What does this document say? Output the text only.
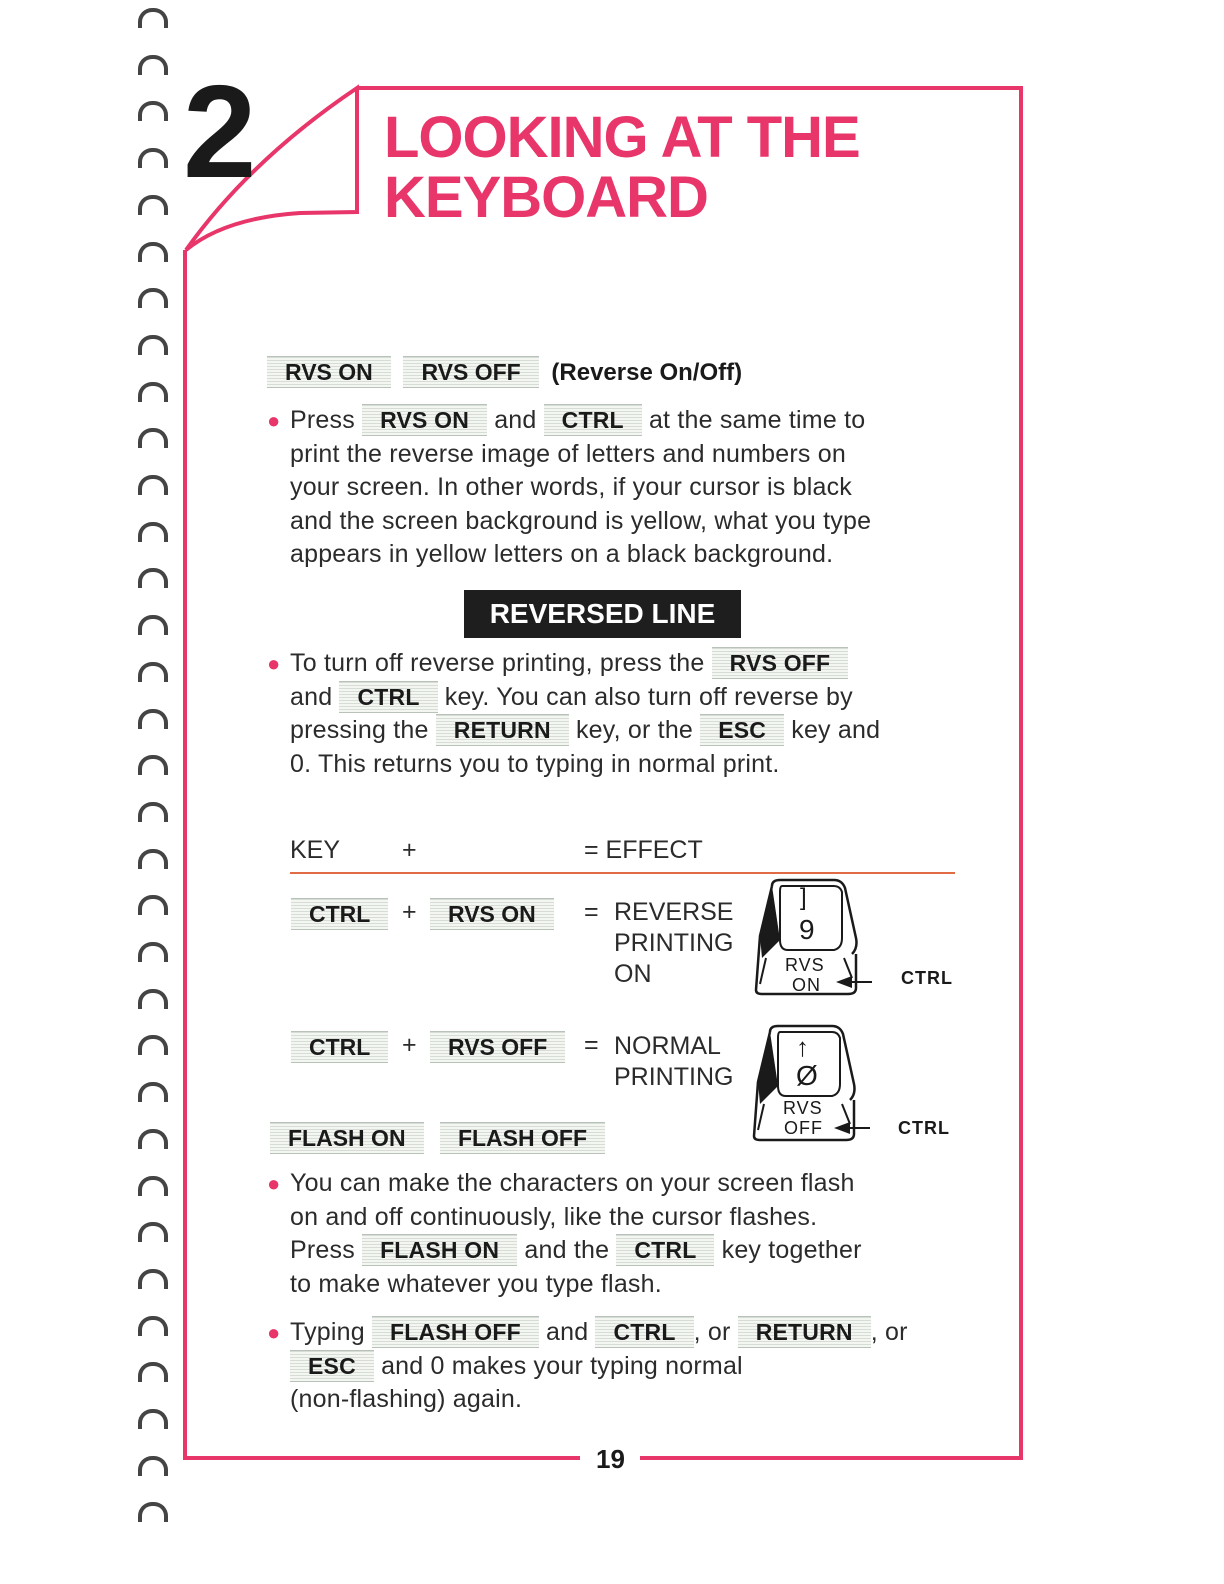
2 LOOKING AT THE
KEYBOARD
RVS ON RVS OFF (Reverse On/Off)
● Press RVS ON and CTRL at the same time to
print the reverse image of letters and numbers on
your screen. In other words, if your cursor is black
and the screen background is yellow, what you type
appears in yellow letters on a black background.
REVERSED LINE
● To turn off reverse printing, press the RVS OFF
and CTRL key. You can also turn off reverse by
pressing the RETURN key, or the ESC key and
0. This returns you to typing in normal print.
KEY +	= EFFECT
CTRL	+	RVS ON	= REVERSE
PRINTING
ON
]
9
RVS
ON	CTRL
CTRL	+	RVS OFF	= NORMAL
PRINTING
↑
Ø
RVS
OFF	CTRL
FLASH ON FLASH OFF
● You can make the characters on your screen flash
on and off continuously, like the cursor flashes.
Press FLASH ON and the CTRL key together
to make whatever you type flash.
● Typing FLASH OFF and CTRL , or RETURN , or
ESC and 0 makes your typing normal
(non-flashing) again.
19
